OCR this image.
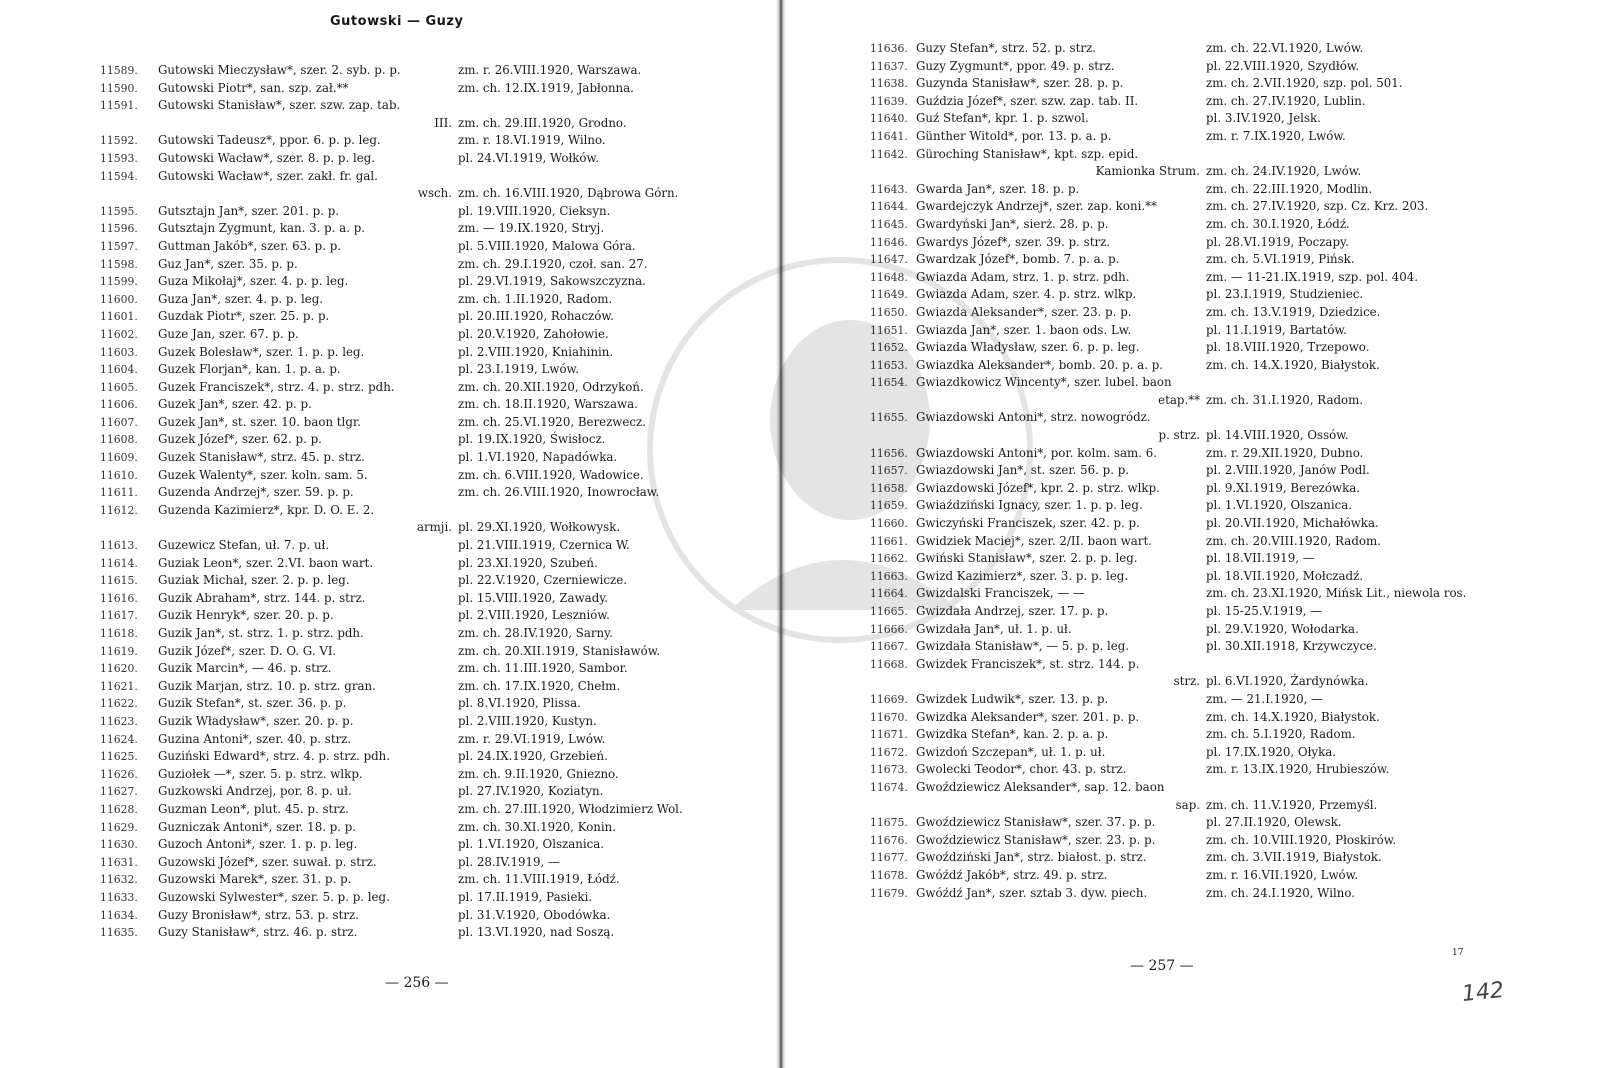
Gutowski — Guzy
11589.	Gutowski Mieczysław*, szer. 2. syb. p. p.	zm. r. 26.VIII.1920, Warszawa.
11590.	Gutowski Piotr*, san. szp. zał.**	zm. ch. 12.IX.1919, Jabłonna.
11591.	Gutowski Stanisław*, szer. szw. zap. tab.
III. zm. ch. 29.III.1920, Grodno.
11592.	Gutowski Tadeusz*, ppor. 6. p. p. leg.	zm. r. 18.VI.1919, Wilno.
11593.	Gutowski Wacław*, szer. 8. p. p. leg.	pl. 24.VI.1919, Wołków.
11594.	Gutowski Wacław*, szer. zakł. fr. gal.
wsch. zm. ch. 16.VIII.1920, Dąbrowa Górn.
11595.	Gutsztajn Jan*, szer. 201. p. p.	pl. 19.VIII.1920, Cieksyn.
11596.	Gutsztajn Zygmunt, kan. 3. p. a. p.	zm. — 19.IX.1920, Stryj.
11597.	Guttman Jakób*, szer. 63. p. p.	pl. 5.VIII.1920, Malowa Góra.
11598.	Guz Jan*, szer. 35. p. p.	zm. ch. 29.I.1920, czoł. san. 27.
11599.	Guza Mikołaj*, szer. 4. p. p. leg.	pl. 29.VI.1919, Sakowszczyzna.
11600.	Guza Jan*, szer. 4. p. p. leg.	zm. ch. 1.II.1920, Radom.
11601.	Guzdak Piotr*, szer. 25. p. p.	pl. 20.III.1920, Rohaczów.
11602.	Guze Jan, szer. 67. p. p.	pl. 20.V.1920, Zahołowie.
11603.	Guzek Bolesław*, szer. 1. p. p. leg.	pl. 2.VIII.1920, Kniahinin.
11604.	Guzek Florjan*, kan. 1. p. a. p.	pl. 23.I.1919, Lwów.
11605.	Guzek Franciszek*, strz. 4. p. strz. pdh.	zm. ch. 20.XII.1920, Odrzykoń.
11606.	Guzek Jan*, szer. 42. p. p.	zm. ch. 18.II.1920, Warszawa.
11607.	Guzek Jan*, st. szer. 10. baon tlgr.	zm. ch. 25.VI.1920, Berezwecz.
11608.	Guzek Józef*, szer. 62. p. p.	pl. 19.IX.1920, Świsłocz.
11609.	Guzek Stanisław*, strz. 45. p. strz.	pl. 1.VI.1920, Napadówka.
11610.	Guzek Walenty*, szer. koln. sam. 5.	zm. ch. 6.VIII.1920, Wadowice.
11611.	Guzenda Andrzej*, szer. 59. p. p.	zm. ch. 26.VIII.1920, Inowrocław.
11612.	Guzenda Kazimierz*, kpr. D. O. E. 2.
armji. pl. 29.XI.1920, Wołkowysk.
11613.	Guzewicz Stefan, uł. 7. p. uł.	pl. 21.VIII.1919, Czernica W.
11614.	Guziak Leon*, szer. 2.VI. baon wart.	pl. 23.XI.1920, Szubeń.
11615.	Guziak Michał, szer. 2. p. p. leg.	pl. 22.V.1920, Czerniewicze.
11616.	Guzik Abraham*, strz. 144. p. strz.	pl. 15.VIII.1920, Zawady.
11617.	Guzik Henryk*, szer. 20. p. p.	pl. 2.VIII.1920, Leszniów.
11618.	Guzik Jan*, st. strz. 1. p. strz. pdh.	zm. ch. 28.IV.1920, Sarny.
11619.	Guzik Józef*, szer. D. O. G. VI.	zm. ch. 20.XII.1919, Stanisławów.
11620.	Guzik Marcin*, — 46. p. strz.	zm. ch. 11.III.1920, Sambor.
11621.	Guzik Marjan, strz. 10. p. strz. gran.	zm. ch. 17.IX.1920, Chełm.
11622.	Guzik Stefan*, st. szer. 36. p. p.	pl. 8.VI.1920, Plissa.
11623.	Guzik Władysław*, szer. 20. p. p.	pl. 2.VIII.1920, Kustyn.
11624.	Guzina Antoni*, szer. 40. p. strz.	zm. r. 29.VI.1919, Lwów.
11625.	Guziński Edward*, strz. 4. p. strz. pdh.	pl. 24.IX.1920, Grzebień.
11626.	Guziołek —*, szer. 5. p. strz. wlkp.	zm. ch. 9.II.1920, Gniezno.
11627.	Guzkowski Andrzej, por. 8. p. uł.	pl. 27.IV.1920, Koziatyn.
11628.	Guzman Leon*, plut. 45. p. strz.	zm. ch. 27.III.1920, Włodzimierz Wol.
11629.	Guzniczak Antoni*, szer. 18. p. p.	zm. ch. 30.XI.1920, Konin.
11630.	Guzoch Antoni*, szer. 1. p. p. leg.	pl. 1.VI.1920, Olszanica.
11631.	Guzowski Józef*, szer. suwał. p. strz.	pl. 28.IV.1919, —
11632.	Guzowski Marek*, szer. 31. p. p.	zm. ch. 11.VIII.1919, Łódź.
11633.	Guzowski Sylwester*, szer. 5. p. p. leg.	pl. 17.II.1919, Pasieki.
11634.	Guzy Bronisław*, strz. 53. p. strz.	pl. 31.V.1920, Obodówka.
11635.	Guzy Stanisław*, strz. 46. p. strz.	pl. 13.VI.1920, nad Soszą.
— 256 —
11636. Guzy Stefan*, strz. 52. p. strz.	zm. ch. 22.VI.1920, Lwów.
11637. Guzy Zygmunt*, ppor. 49. p. strz.	pl. 22.VIII.1920, Szydłów.
11638. Guzynda Stanisław*, szer. 28. p. p.	zm. ch. 2.VII.1920, szp. pol. 501.
11639. Guździa Józef*, szer. szw. zap. tab. II.	zm. ch. 27.IV.1920, Lublin.
11640. Guź Stefan*, kpr. 1. p. szwol.	pl. 3.IV.1920, Jelsk.
11641. Günther Witold*, por. 13. p. a. p.	zm. r. 7.IX.1920, Lwów.
11642. Güroching Stanisław*, kpt. szp. epid.
Kamionka Strum. zm. ch. 24.IV.1920, Lwów.
11643. Gwarda Jan*, szer. 18. p. p.	zm. ch. 22.III.1920, Modlin.
11644. Gwardejczyk Andrzej*, szer. zap. koni.**	zm. ch. 27.IV.1920, szp. Cz. Krz. 203.
11645. Gwardyński Jan*, sierż. 28. p. p.	zm. ch. 30.I.1920, Łódź.
11646. Gwardys Józef*, szer. 39. p. strz.	pl. 28.VI.1919, Poczapy.
11647. Gwardzak Józef*, bomb. 7. p. a. p.	zm. ch. 5.VI.1919, Pińsk.
11648. Gwiazda Adam, strz. 1. p. strz. pdh.	zm. — 11-21.IX.1919, szp. pol. 404.
11649. Gwiazda Adam, szer. 4. p. strz. wlkp.	pl. 23.I.1919, Studzieniec.
11650. Gwiazda Aleksander*, szer. 23. p. p.	zm. ch. 13.V.1919, Dziedzice.
11651. Gwiazda Jan*, szer. 1. baon ods. Lw.	pl. 11.I.1919, Bartatów.
11652. Gwiazda Władysław, szer. 6. p. p. leg.	pl. 18.VIII.1920, Trzepowo.
11653. Gwiazdka Aleksander*, bomb. 20. p. a. p.	zm. ch. 14.X.1920, Białystok.
11654. Gwiazdkowicz Wincenty*, szer. lubel. baon
etap.** zm. ch. 31.I.1920, Radom.
11655. Gwiazdowski Antoni*, strz. nowogródz.
p. strz. pl. 14.VIII.1920, Ossów.
11656. Gwiazdowski Antoni*, por. kolm. sam. 6.	zm. r. 29.XII.1920, Dubno.
11657. Gwiazdowski Jan*, st. szer. 56. p. p.	pl. 2.VIII.1920, Janów Podl.
11658. Gwiazdowski Józef*, kpr. 2. p. strz. wlkp.	pl. 9.XI.1919, Berezówka.
11659. Gwiaździński Ignacy, szer. 1. p. p. leg.	pl. 1.VI.1920, Olszanica.
11660. Gwiczyński Franciszek, szer. 42. p. p.	pl. 20.VII.1920, Michałówka.
11661. Gwidziek Maciej*, szer. 2/II. baon wart.	zm. ch. 20.VIII.1920, Radom.
11662. Gwiński Stanisław*, szer. 2. p. p. leg.	pl. 18.VII.1919, —
11663. Gwizd Kazimierz*, szer. 3. p. p. leg.	pl. 18.VII.1920, Mołczadź.
11664. Gwizdalski Franciszek, — —	zm. ch. 23.XI.1920, Mińsk Lit., niewola ros.
11665. Gwizdała Andrzej, szer. 17. p. p.	pl. 15-25.V.1919, —
11666. Gwizdała Jan*, uł. 1. p. uł.	pl. 29.V.1920, Wołodarka.
11667. Gwizdała Stanisław*, — 5. p. p. leg.	pl. 30.XII.1918, Krzywczyce.
11668. Gwizdek Franciszek*, st. strz. 144. p.
strz. pl. 6.VI.1920, Żardynówka.
11669. Gwizdek Ludwik*, szer. 13. p. p.	zm. — 21.I.1920, —
11670. Gwizdka Aleksander*, szer. 201. p. p.	zm. ch. 14.X.1920, Białystok.
11671. Gwizdka Stefan*, kan. 2. p. a. p.	zm. ch. 5.I.1920, Radom.
11672. Gwizdoń Szczepan*, uł. 1. p. uł.	pl. 17.IX.1920, Ołyka.
11673. Gwolecki Teodor*, chor. 43. p. strz.	zm. r. 13.IX.1920, Hrubieszów.
11674. Gwoździewicz Aleksander*, sap. 12. baon
sap. zm. ch. 11.V.1920, Przemyśl.
11675. Gwoździewicz Stanisław*, szer. 37. p. p.	pl. 27.II.1920, Olewsk.
11676. Gwoździewicz Stanisław*, szer. 23. p. p.	zm. ch. 10.VIII.1920, Płoskirów.
11677. Gwoździński Jan*, strz. białost. p. strz.	zm. ch. 3.VII.1919, Białystok.
11678. Gwóźdź Jakób*, strz. 49. p. strz.	zm. r. 16.VII.1920, Lwów.
11679. Gwóźdź Jan*, szer. sztab 3. dyw. piech.	zm. ch. 24.I.1920, Wilno.
— 257 —
17
142
